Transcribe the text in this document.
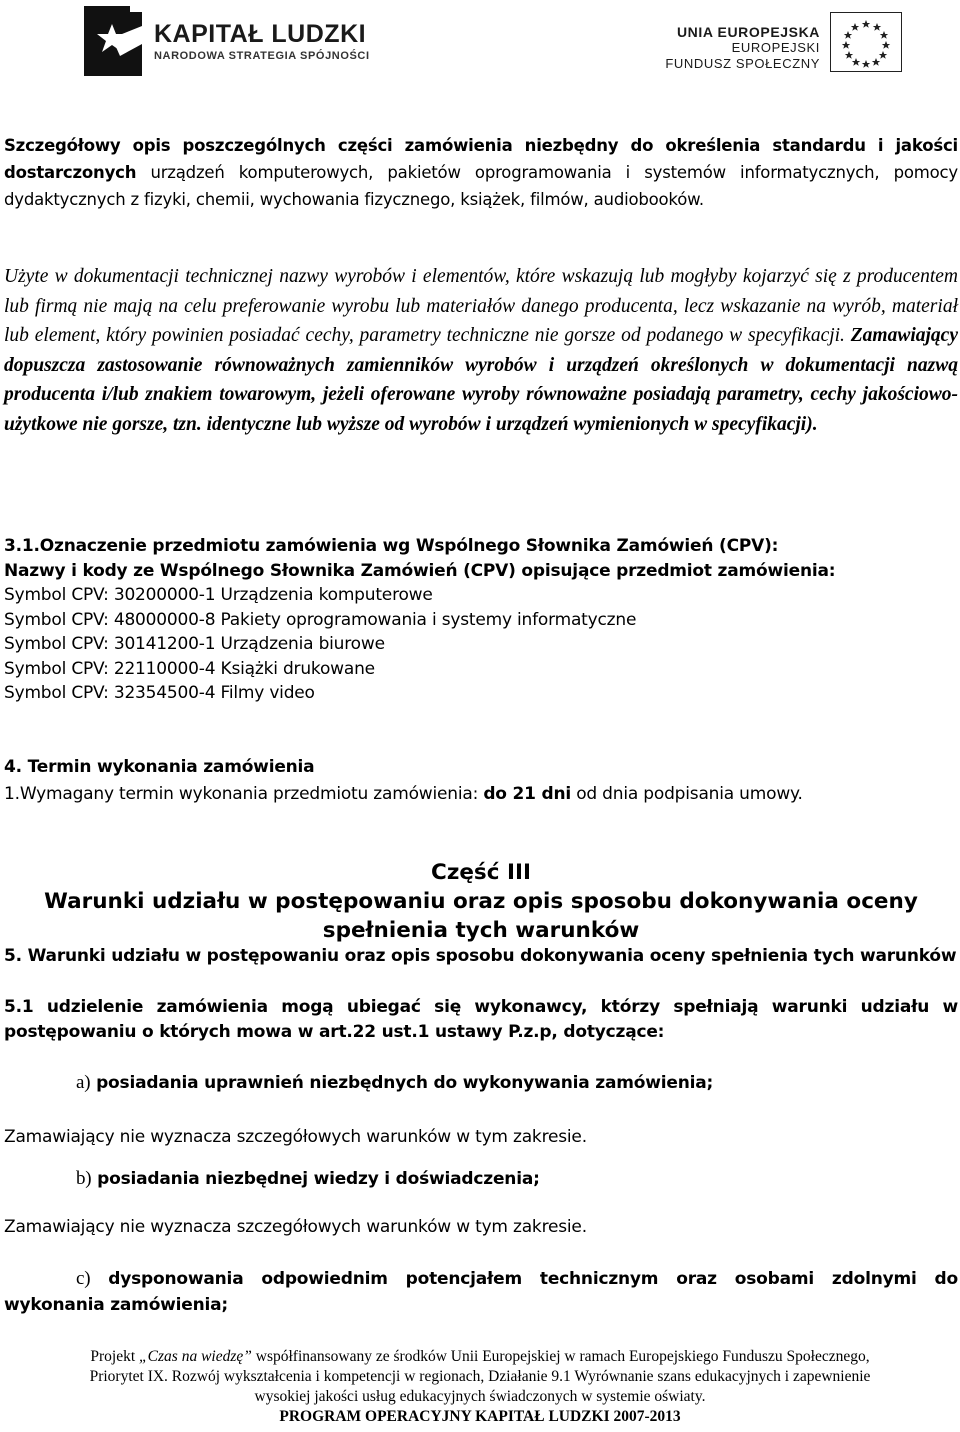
KAPITAŁ LUDZKI
NARODOWA STRATEGIA SPÓJNOŚCI
UNIA EUROPEJSKA
EUROPEJSKI
FUNDUSZ SPOŁECZNY
Szczegółowy opis poszczególnych części zamówienia niezbędny do określenia standardu i jakości dostarczonych urządzeń komputerowych, pakietów oprogramowania i systemów informatycznych, pomocy dydaktycznych z fizyki, chemii, wychowania fizycznego, książek, filmów, audiobooków.
Użyte w dokumentacji technicznej nazwy wyrobów i elementów, które wskazują lub mogłyby kojarzyć się z producentem lub firmą nie mają na celu preferowanie wyrobu lub materiałów danego producenta, lecz wskazanie na wyrób, materiał lub element, który powinien posiadać cechy, parametry techniczne nie gorsze od podanego w specyfikacji. Zamawiający dopuszcza zastosowanie równoważnych zamienników wyrobów i urządzeń określonych w dokumentacji nazwą producenta i/lub znakiem towarowym, jeżeli oferowane wyroby równoważne posiadają parametry, cechy jakościowo-użytkowe nie gorsze, tzn. identyczne lub wyższe od wyrobów i urządzeń wymienionych w specyfikacji).
3.1.Oznaczenie przedmiotu zamówienia wg Wspólnego Słownika Zamówień (CPV):
Nazwy i kody ze Wspólnego Słownika Zamówień (CPV) opisujące przedmiot zamówienia:
Symbol CPV: 30200000-1 Urządzenia komputerowe
Symbol CPV: 48000000-8 Pakiety oprogramowania i systemy informatyczne
Symbol CPV: 30141200-1 Urządzenia biurowe
Symbol CPV: 22110000-4 Książki drukowane
Symbol CPV: 32354500-4 Filmy video
4. Termin wykonania zamówienia
1.Wymagany termin wykonania przedmiotu zamówienia: do 21 dni od dnia podpisania umowy.
Część III
Warunki udziału w postępowaniu oraz opis sposobu dokonywania oceny
spełnienia tych warunków
5. Warunki udziału w postępowaniu oraz opis sposobu dokonywania oceny spełnienia tych warunków
5.1 udzielenie zamówienia mogą ubiegać się wykonawcy, którzy spełniają warunki udziału w postępowaniu o których mowa w art.22 ust.1 ustawy P.z.p, dotyczące:
a) posiadania uprawnień niezbędnych do wykonywania zamówienia;
Zamawiający nie wyznacza szczegółowych warunków w tym zakresie.
b) posiadania niezbędnej wiedzy i doświadczenia;
Zamawiający nie wyznacza szczegółowych warunków w tym zakresie.
c) dysponowania odpowiednim potencjałem technicznym oraz osobami zdolnymi do wykonania zamówienia;
Projekt „Czas na wiedzę” współfinansowany ze środków Unii Europejskiej w ramach Europejskiego Funduszu Społecznego,
Priorytet IX. Rozwój wykształcenia i kompetencji w regionach, Działanie 9.1 Wyrównanie szans edukacyjnych i zapewnienie
wysokiej jakości usług edukacyjnych świadczonych w systemie oświaty.
PROGRAM OPERACYJNY KAPITAŁ LUDZKI 2007-2013
